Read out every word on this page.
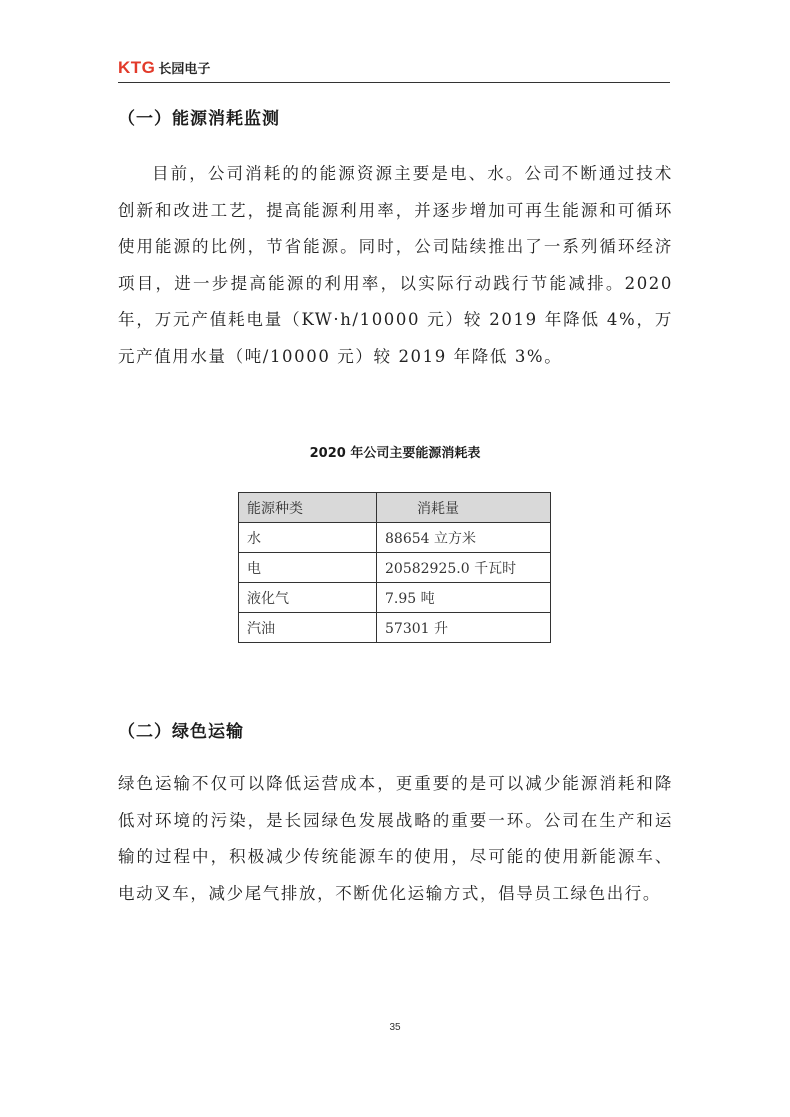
KTG 长园电子
（一）能源消耗监测

目前，公司消耗的的能源资源主要是电、水。公司不断通过技术创新和改进工艺，提高能源利用率，并逐步增加可再生能源和可循环使用能源的比例，节省能源。同时，公司陆续推出了一系列循环经济项目，进一步提高能源的利用率，以实际行动践行节能减排。2020年，万元产值耗电量（KW·h/10000 元）较 2019 年降低 4%，万元产值用水量（吨/10000 元）较 2019 年降低 3%。

2020 年公司主要能源消耗表

能源种类	消耗量
水	88654 立方米
电	20582925.0 千瓦时
液化气	7.95 吨
汽油	57301 升
（二）绿色运输

绿色运输不仅可以降低运营成本，更重要的是可以减少能源消耗和降低对环境的污染，是长园绿色发展战略的重要一环。公司在生产和运输的过程中，积极减少传统能源车的使用，尽可能的使用新能源车、电动叉车，减少尾气排放，不断优化运输方式，倡导员工绿色出行。

35
